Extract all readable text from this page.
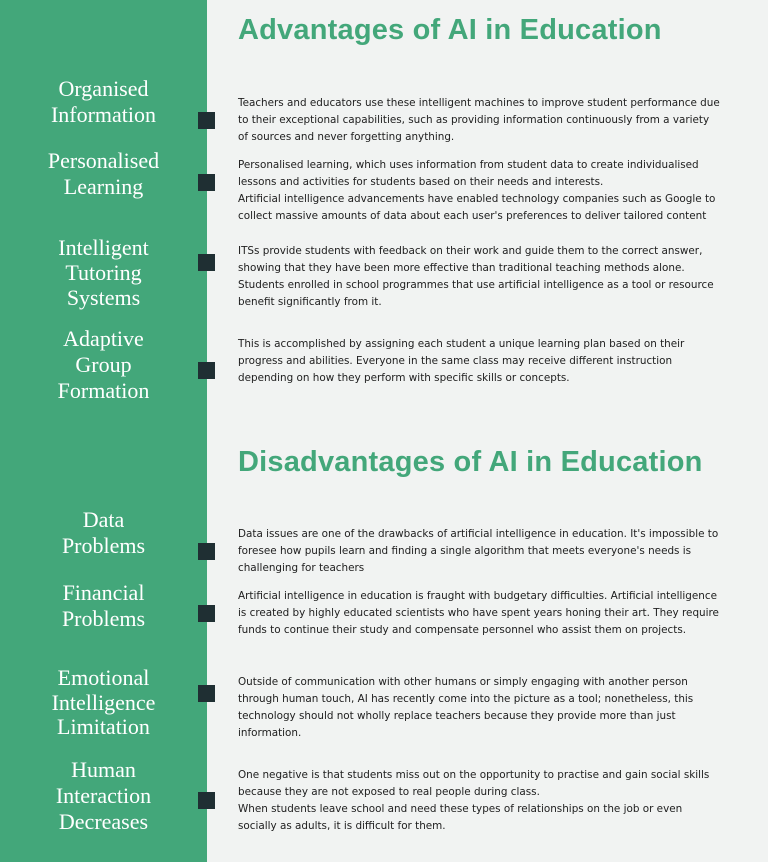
Advantages of AI in Education

Organised
Information	Teachers and educators use these intelligent machines to improve student performance due to their exceptional capabilities, such as providing information continuously from a variety of sources and never forgetting anything.

Personalised
Learning

Personalised learning, which uses information from student data to create individualised lessons and activities for students based on their needs and interests.
Artificial intelligence advancements have enabled technology companies such as Google to collect massive amounts of data about each user's preferences to deliver tailored content

Intelligent
Tutoring
Systems

ITSs provide students with feedback on their work and guide them to the correct answer, showing that they have been more effective than traditional teaching methods alone.
Students enrolled in school programmes that use artificial intelligence as a tool or resource benefit significantly from it.

Adaptive
Group
Formation

This is accomplished by assigning each student a unique learning plan based on their progress and abilities. Everyone in the same class may receive different instruction depending on how they perform with specific skills or concepts.

Disadvantages of AI in Education

Data
Problems	Data issues are one of the drawbacks of artificial intelligence in education. It's impossible to foresee how pupils learn and finding a single algorithm that meets everyone's needs is challenging for teachers

Financial
Problems

Artificial intelligence in education is fraught with budgetary difficulties. Artificial intelligence is created by highly educated scientists who have spent years honing their art. They require funds to continue their study and compensate personnel who assist them on projects.

Emotional
Intelligence
Limitation

Outside of communication with other humans or simply engaging with another person through human touch, AI has recently come into the picture as a tool; nonetheless, this technology should not wholly replace teachers because they provide more than just information.

Human
Interaction
Decreases

One negative is that students miss out on the opportunity to practise and gain social skills because they are not exposed to real people during class.
When students leave school and need these types of relationships on the job or even socially as adults, it is difficult for them.
